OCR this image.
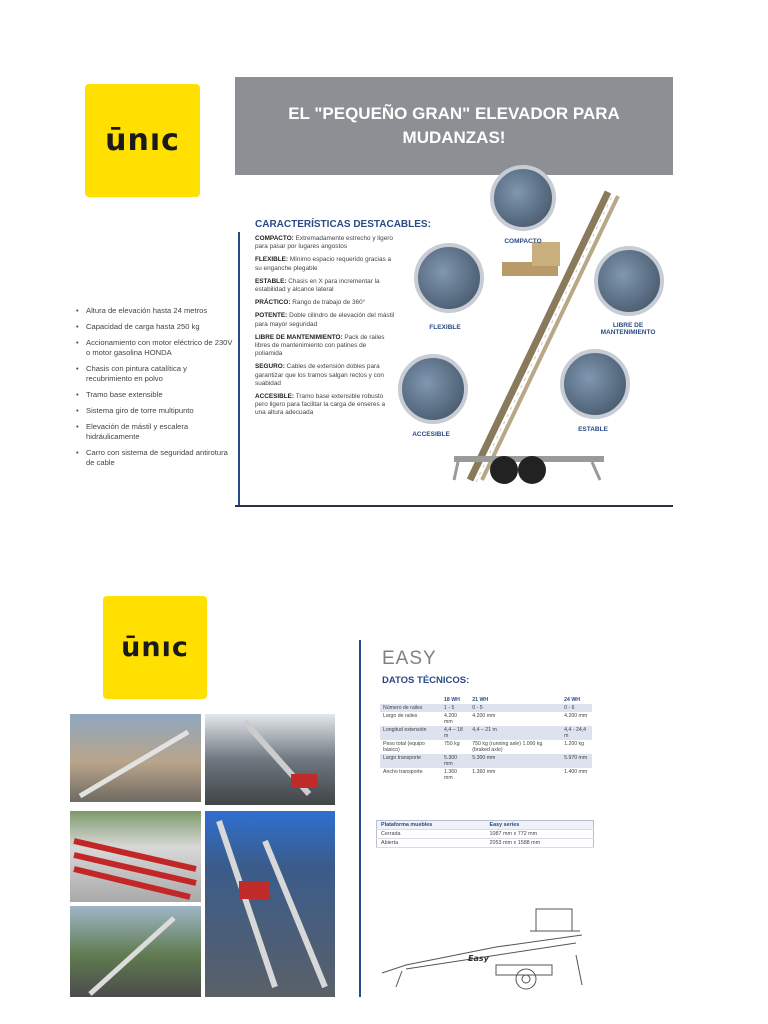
ūnıc
EL "PEQUEÑO GRAN" ELEVADOR PARA MUDANZAS!
• Altura de elevación hasta 24 metros
• Capacidad de carga hasta 250 kg
• Accionamiento con motor eléctrico de 230V o motor gasolina HONDA
• Chasis con pintura catalítica y recubrimiento en polvo
• Tramo base extensible
• Sistema giro de torre multipunto
• Elevación de mástil y escalera hidráulicamente
• Carro con sistema de seguridad antirotura de cable
CARACTERÍSTICAS DESTACABLES:
COMPACTO: Extremadamente estrecho y ligero para pasar por lugares angostos
FLEXIBLE: Mínimo espacio requerido gracias a su enganche plegable
ESTABLE: Chasis en X para incrementar la estabilidad y alcance lateral
PRÁCTICO: Rango de trabajo de 360°
POTENTE: Doble cilindro de elevación del mástil para mayor seguridad
LIBRE DE MANTENIMIENTO: Pack de railes libres de mantenimiento con patines de poliamida
SEGURO: Cables de extensión dobles para garantizar que los tramos salgan rectos y con suabidad
ACCESIBLE: Tramo base extensible robusto pero ligero para facilitar la carga de enseres a una altura adecuada
COMPACTO
FLEXIBLE	LIBRE DE MANTENIMIENTO
ACCESIBLE
ESTABLE
ūnıc	EASY
DATOS TÉCNICOS:
	18 WH	21 WH	24 WH
Número de railes	1 - 5	0 - 5	0 - 6
Largo de railes	4.200 mm	4.200 mm	4.200 mm
Longitud extensión	4,4 – 18 m	4,4 – 21 m	4,4 - 24,4 m
Peso total (equipo básico)	750 kg	750 kg (running axle) 1.000 kg (braked axle)	1.200 kg
Largo transporte	5.300 mm	5.300 mm	5.970 mm
Ancho transporte	1.360 mm	1.360 mm	1.400 mm
Plataforma muebles	Easy series
Cerrada	1087 mm x 772 mm
Abierta	2053 mm x 1588 mm
Easy
